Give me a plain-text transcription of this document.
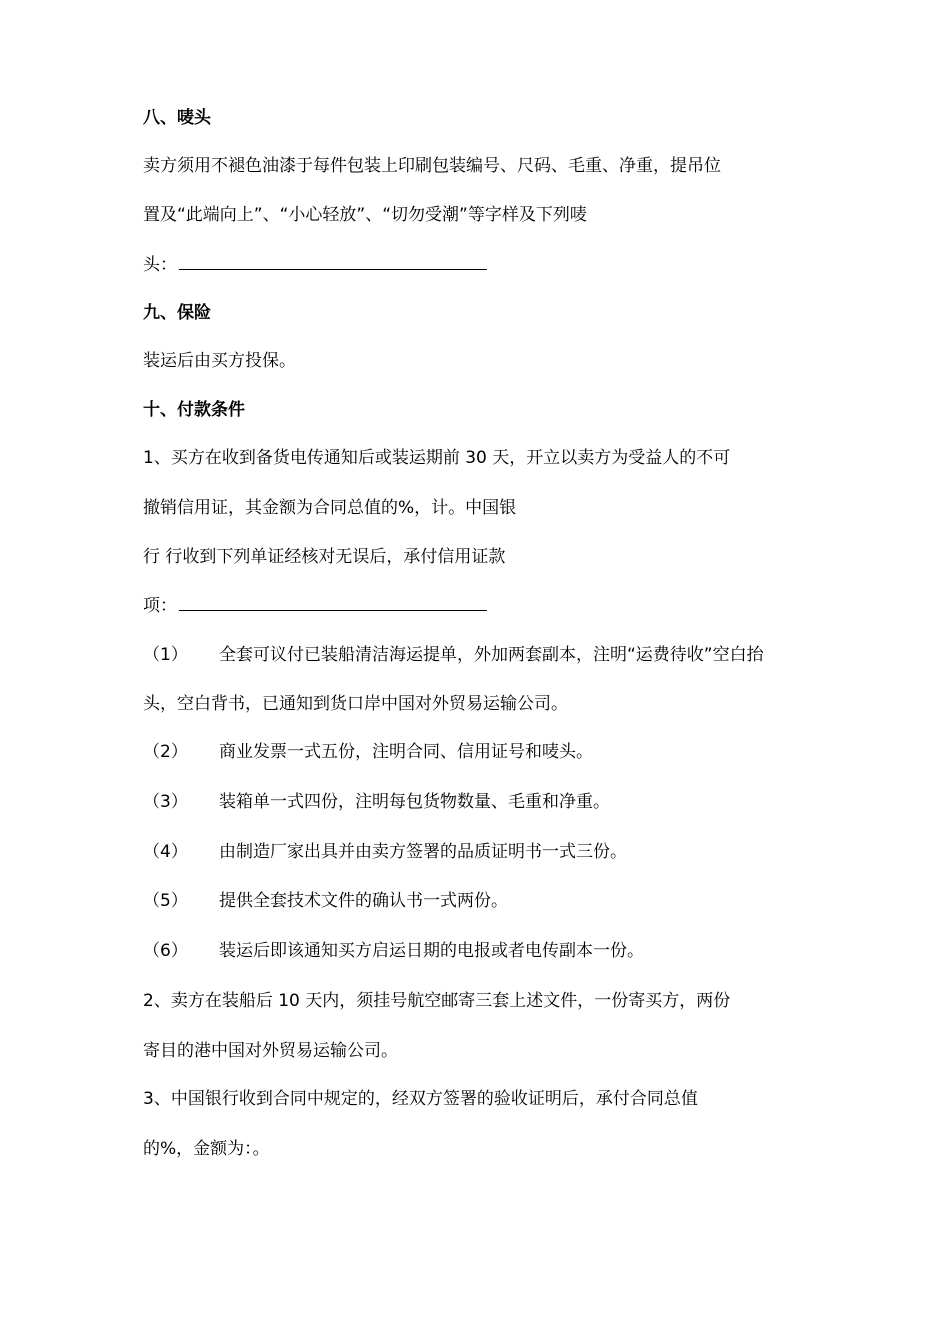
八、唛头
卖方须用不褪色油漆于每件包装上印刷包装编号、尺码、毛重、净重，提吊位
置及“此端向上”、“小心轻放”、“切勿受潮”等字样及下列唛
头：
九、保险
装运后由买方投保。
十、付款条件
1、买方在收到备货电传通知后或装运期前 30 天，开立以卖方为受益人的不可
撤销信用证，其金额为合同总值的%，计。中国银
行 行收到下列单证经核对无误后，承付信用证款
项：
（1） 全套可议付已装船清洁海运提单，外加两套副本，注明“运费待收”空白抬
头，空白背书，已通知到货口岸中国对外贸易运输公司。
（2） 商业发票一式五份，注明合同、信用证号和唛头。
（3） 装箱单一式四份，注明每包货物数量、毛重和净重。
（4） 由制造厂家出具并由卖方签署的品质证明书一式三份。
（5） 提供全套技术文件的确认书一式两份。
（6） 装运后即该通知买方启运日期的电报或者电传副本一份。
2、卖方在装船后 10 天内，须挂号航空邮寄三套上述文件，一份寄买方，两份
寄目的港中国对外贸易运输公司。
3、中国银行收到合同中规定的，经双方签署的验收证明后，承付合同总值
的%，金额为：。
